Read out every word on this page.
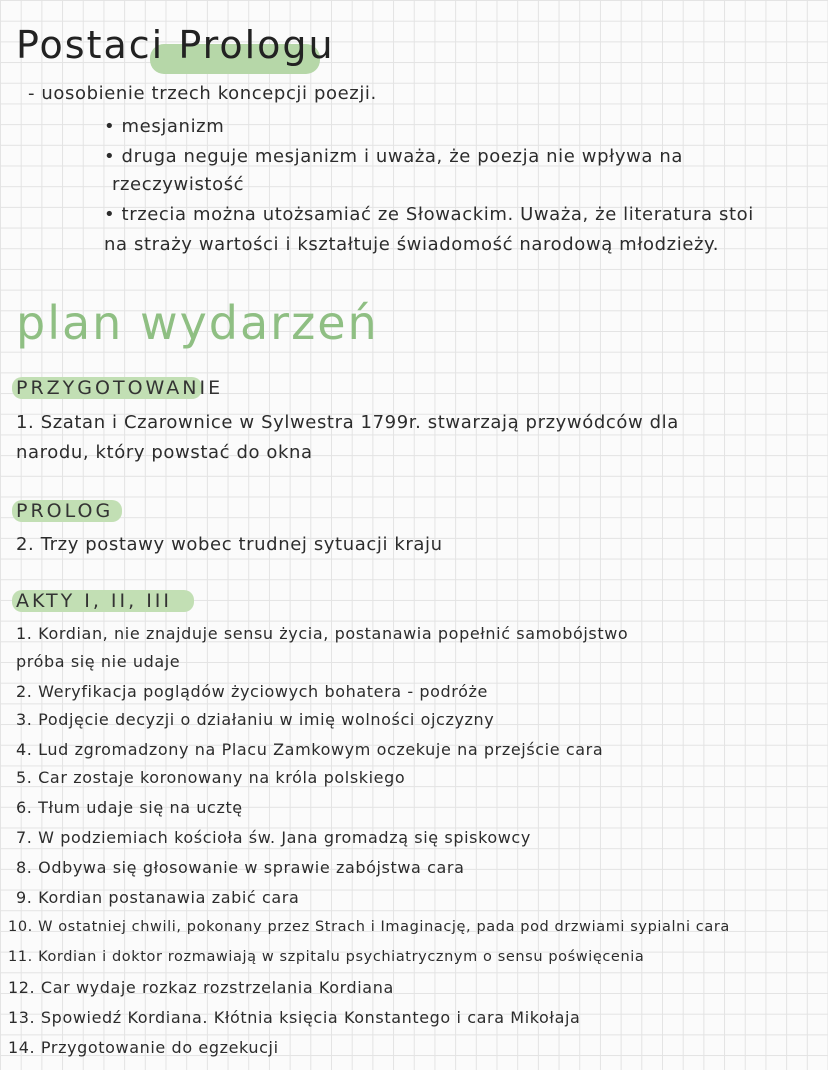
Postaci Prologu
- uosobienie trzech koncepcji poezji.
• mesjanizm
• druga neguje mesjanizm i uważa, że poezja nie wpływa na
rzeczywistość
• trzecia można utożsamiać ze Słowackim. Uważa, że literatura stoi
na straży wartości i kształtuje świadomość narodową młodzieży.
plan wydarzeń
PRZYGOTOWANIE
1. Szatan i Czarownice w Sylwestra 1799r. stwarzają przywódców dla
narodu, który powstać do okna
PROLOG
2. Trzy postawy wobec trudnej sytuacji kraju
AKTY I, II, III
1. Kordian, nie znajduje sensu życia, postanawia popełnić samobójstwo
próba się nie udaje
2. Weryfikacja poglądów życiowych bohatera - podróże
3. Podjęcie decyzji o działaniu w imię wolności ojczyzny
4. Lud zgromadzony na Placu Zamkowym oczekuje na przejście cara
5. Car zostaje koronowany na króla polskiego
6. Tłum udaje się na ucztę
7. W podziemiach kościoła św. Jana gromadzą się spiskowcy
8. Odbywa się głosowanie w sprawie zabójstwa cara
9. Kordian postanawia zabić cara
10. W ostatniej chwili, pokonany przez Strach i Imaginację, pada pod drzwiami sypialni cara
11. Kordian i doktor rozmawiają w szpitalu psychiatrycznym o sensu poświęcenia
12. Car wydaje rozkaz rozstrzelania Kordiana
13. Spowiedź Kordiana. Kłótnia księcia Konstantego i cara Mikołaja
14. Przygotowanie do egzekucji
